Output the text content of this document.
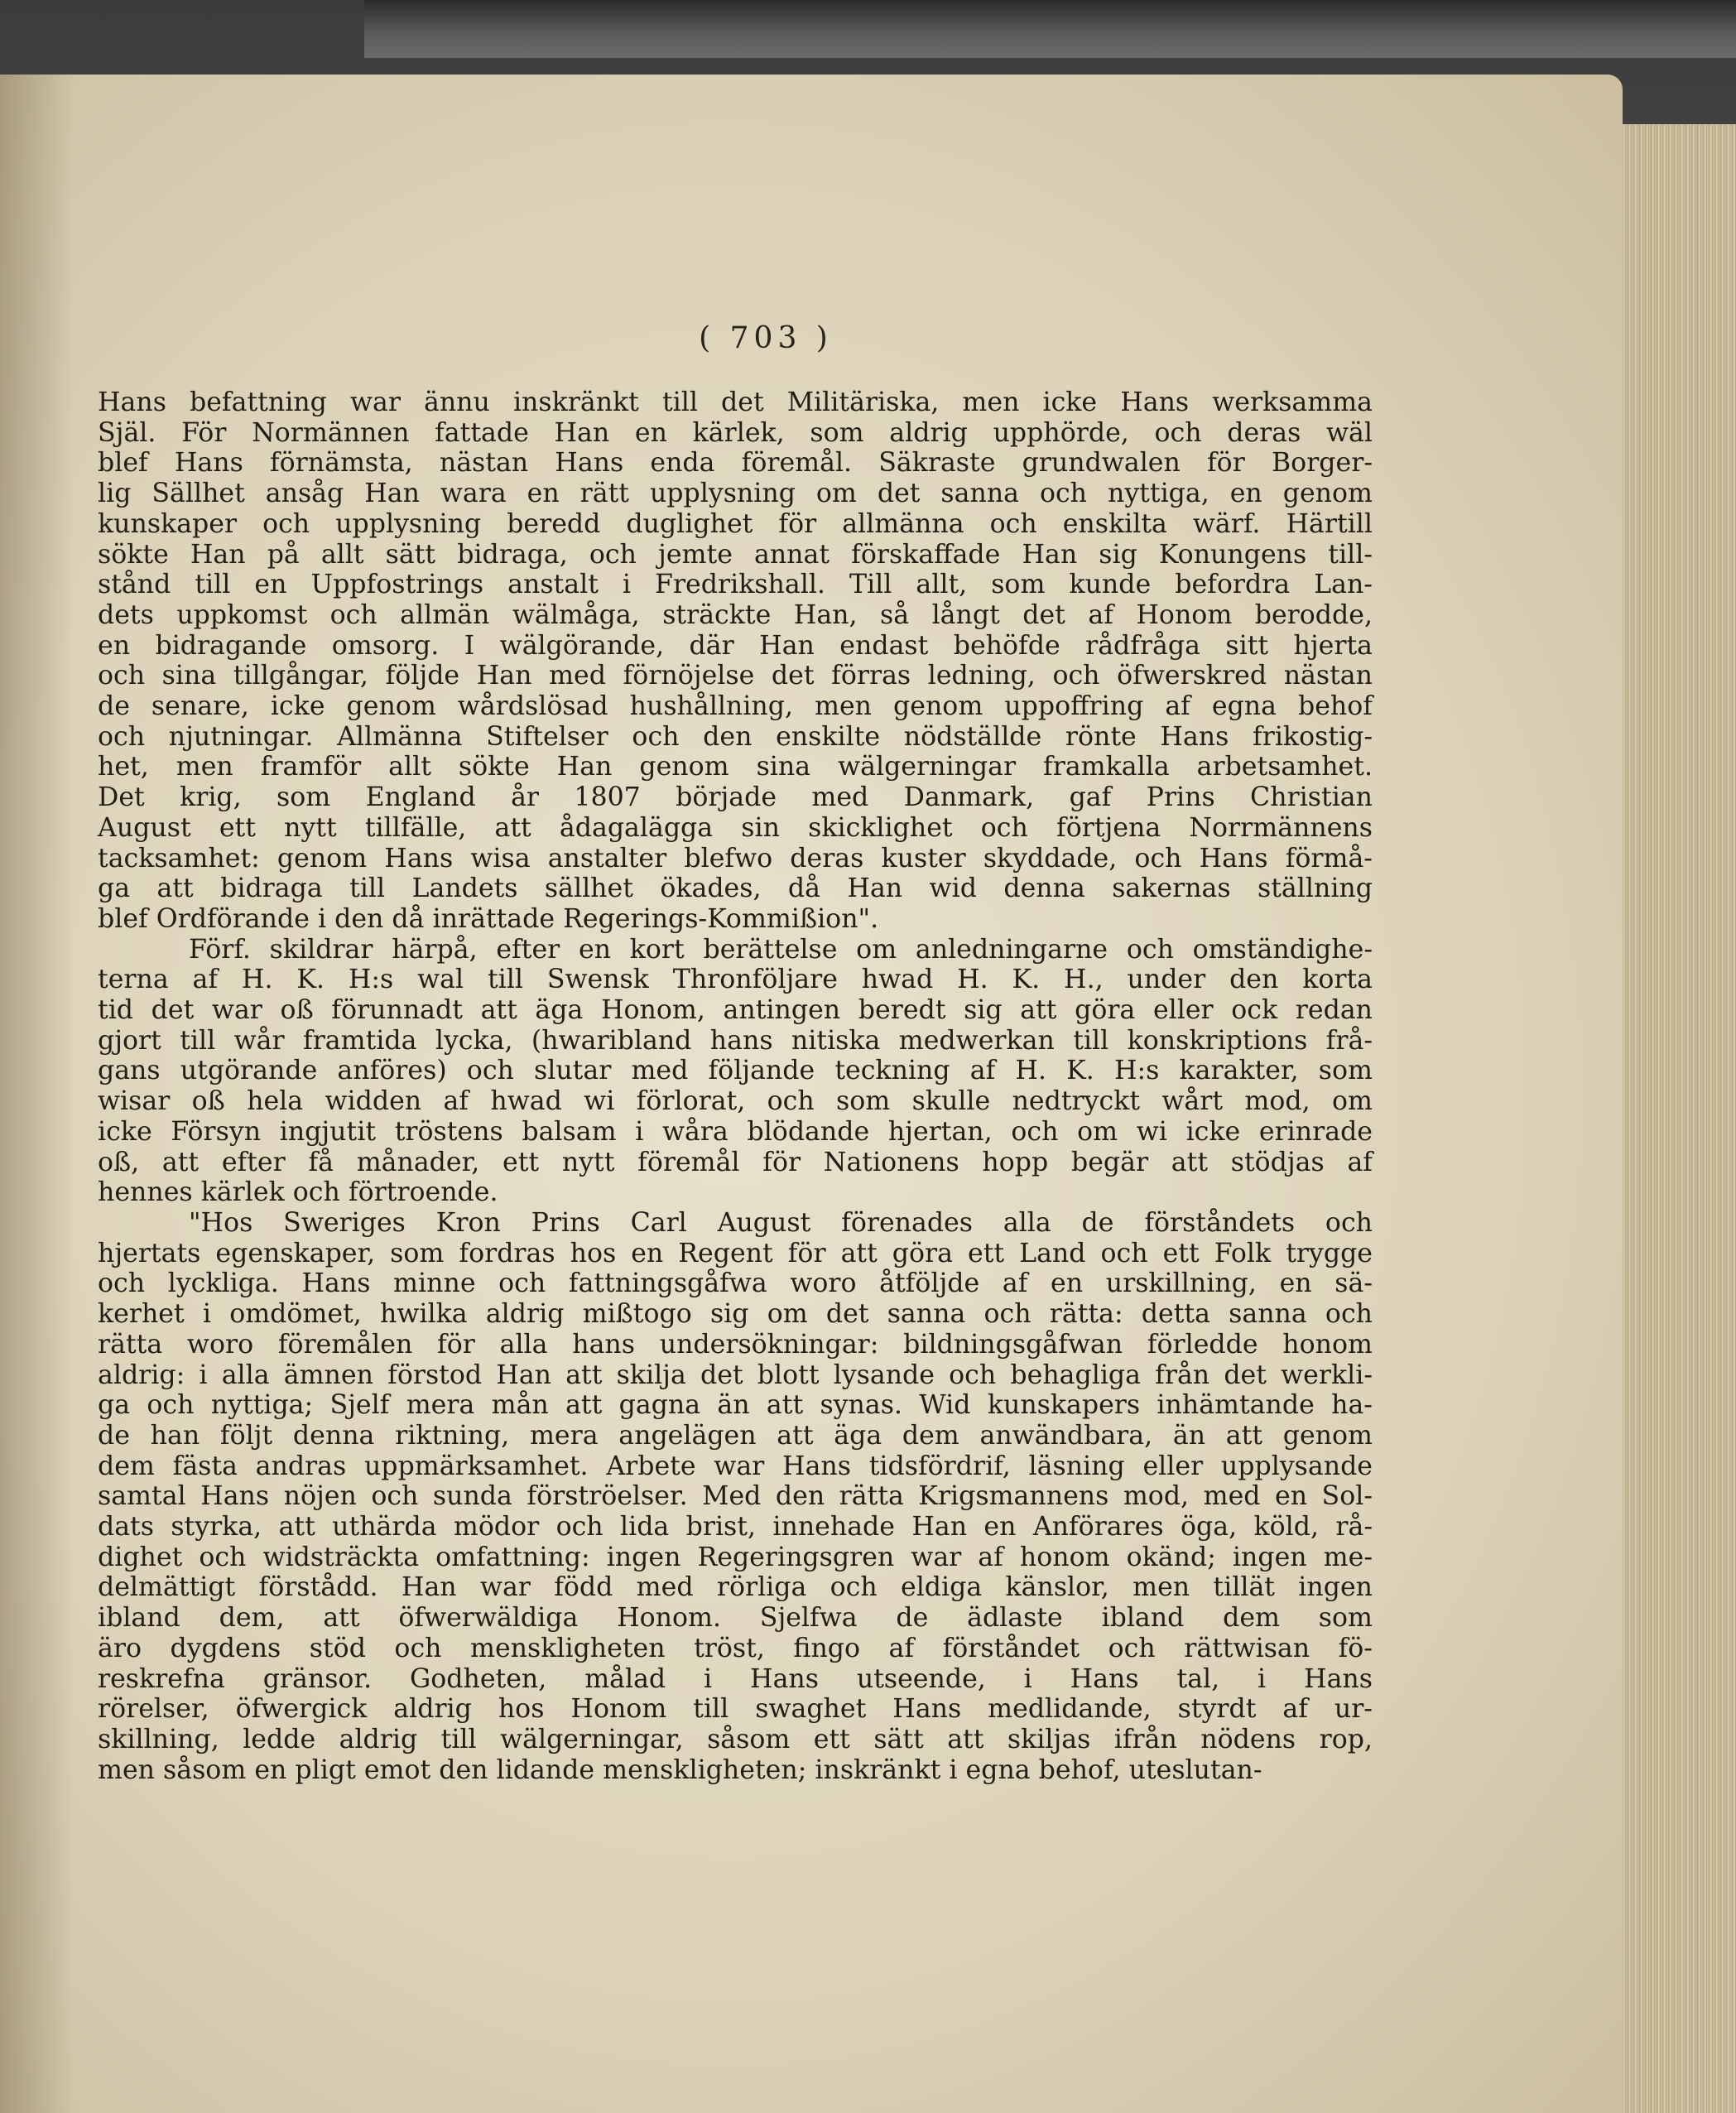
( 703 )
Hans befattning war ännu inskränkt till det Militäriska, men icke Hans werksamma
Själ. För Normännen fattade Han en kärlek, som aldrig upphörde, och deras wäl
blef Hans förnämsta, nästan Hans enda föremål. Säkraste grundwalen för Borger-
lig Sällhet ansåg Han wara en rätt upplysning om det sanna och nyttiga, en genom
kunskaper och upplysning beredd duglighet för allmänna och enskilta wärf. Härtill
sökte Han på allt sätt bidraga, och jemte annat förskaffade Han sig Konungens till-
stånd till en Uppfostrings anstalt i Fredrikshall. Till allt, som kunde befordra Lan-
dets uppkomst och allmän wälmåga, sträckte Han, så långt det af Honom berodde,
en bidragande omsorg. I wälgörande, där Han endast behöfde rådfråga sitt hjerta
och sina tillgångar, följde Han med förnöjelse det förras ledning, och öfwerskred nästan
de senare, icke genom wårdslösad hushållning, men genom uppoffring af egna behof
och njutningar. Allmänna Stiftelser och den enskilte nödställde rönte Hans frikostig-
het, men framför allt sökte Han genom sina wälgerningar framkalla arbetsamhet.
Det krig, som England år 1807 började med Danmark, gaf Prins Christian
August ett nytt tillfälle, att ådagalägga sin skicklighet och förtjena Norrmännens
tacksamhet: genom Hans wisa anstalter blefwo deras kuster skyddade, och Hans förmå-
ga att bidraga till Landets sällhet ökades, då Han wid denna sakernas ställning
blef Ordförande i den då inrättade Regerings-Kommißion".
Förf. skildrar härpå, efter en kort berättelse om anledningarne och omständighe-
terna af H. K. H:s wal till Swensk Thronföljare hwad H. K. H., under den korta
tid det war oß förunnadt att äga Honom, antingen beredt sig att göra eller ock redan
gjort till wår framtida lycka, (hwaribland hans nitiska medwerkan till konskriptions frå-
gans utgörande anföres) och slutar med följande teckning af H. K. H:s karakter, som
wisar oß hela widden af hwad wi förlorat, och som skulle nedtryckt wårt mod, om
icke Försyn ingjutit tröstens balsam i wåra blödande hjertan, och om wi icke erinrade
oß, att efter få månader, ett nytt föremål för Nationens hopp begär att stödjas af
hennes kärlek och förtroende.
"Hos Sweriges Kron Prins Carl August förenades alla de förståndets och
hjertats egenskaper, som fordras hos en Regent för att göra ett Land och ett Folk trygge
och lyckliga. Hans minne och fattningsgåfwa woro åtföljde af en urskillning, en sä-
kerhet i omdömet, hwilka aldrig mißtogo sig om det sanna och rätta: detta sanna och
rätta woro föremålen för alla hans undersökningar: bildningsgåfwan förledde honom
aldrig: i alla ämnen förstod Han att skilja det blott lysande och behagliga från det werkli-
ga och nyttiga; Sjelf mera mån att gagna än att synas. Wid kunskapers inhämtande ha-
de han följt denna riktning, mera angelägen att äga dem anwändbara, än att genom
dem fästa andras uppmärksamhet. Arbete war Hans tidsfördrif, läsning eller upplysande
samtal Hans nöjen och sunda förströelser. Med den rätta Krigsmannens mod, med en Sol-
dats styrka, att uthärda mödor och lida brist, innehade Han en Anförares öga, köld, rå-
dighet och widsträckta omfattning: ingen Regeringsgren war af honom okänd; ingen me-
delmättigt förstådd. Han war född med rörliga och eldiga känslor, men tillät ingen
ibland dem, att öfwerwäldiga Honom. Sjelfwa de ädlaste ibland dem som
äro dygdens stöd och menskligheten tröst, fingo af förståndet och rättwisan fö-
reskrefna gränsor. Godheten, målad i Hans utseende, i Hans tal, i Hans
rörelser, öfwergick aldrig hos Honom till swaghet Hans medlidande, styrdt af ur-
skillning, ledde aldrig till wälgerningar, såsom ett sätt att skiljas ifrån nödens rop,
men såsom en pligt emot den lidande menskligheten; inskränkt i egna behof, uteslutan-
